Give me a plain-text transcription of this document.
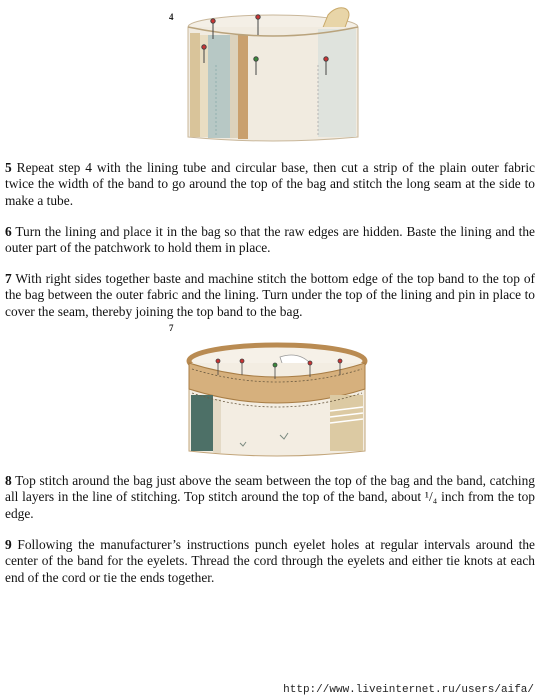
4

5 Repeat step 4 with the lining tube and circular base, then cut a strip of the plain outer fabric twice the width of the band to go around the top of the bag and stitch the long seam at the side to make a tube.

6 Turn the lining and place it in the bag so that the raw edges are hidden. Baste the lining and the outer part of the patchwork to hold them in place.

7 With right sides together baste and machine stitch the bottom edge of the top band to the top of the bag between the outer fabric and the lining. Turn under the top of the lining and pin in place to cover the seam, thereby joining the top band to the bag.

7

8 Top stitch around the bag just above the seam between the top of the bag and the band, catching all layers in the line of stitching. Top stitch around the top of the band, about ¹/₄ inch from the top edge.

9 Following the manufacturer’s instructions punch eyelet holes at regular intervals around the center of the band for the eyelets. Thread the cord through the eyelets and either tie knots at each end of the cord or tie the ends together.

http://www.liveinternet.ru/users/aifa/
